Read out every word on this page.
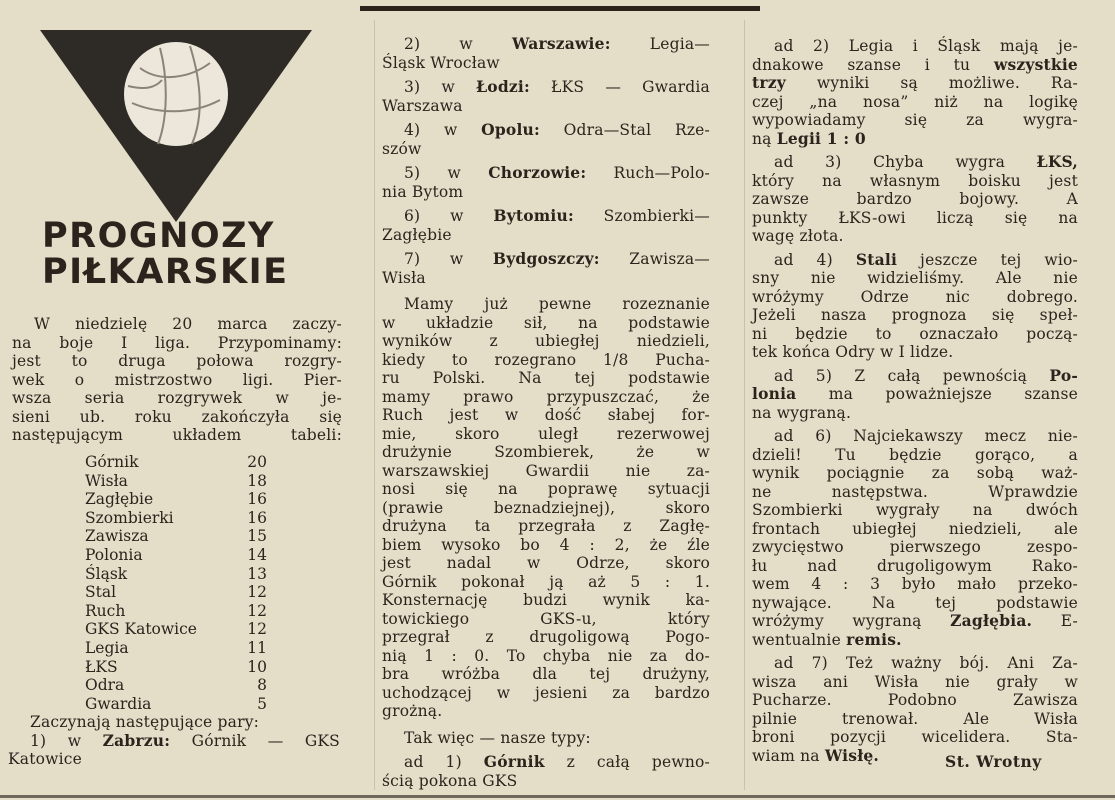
PROGNOZY
PIŁKARSKIE
W niedzielę 20 marca zaczy-
na boje I liga. Przypominamy:
jest to druga połowa rozgry-
wek o mistrzostwo ligi. Pier-
wsza seria rozgrywek w je-
sieni ub. roku zakończyła się
następującym układem tabeli:
Górnik	20
Wisła	18
Zagłębie	16
Szombierki	16
Zawisza	15
Polonia	14
Śląsk	13
Stal	12
Ruch	12
GKS Katowice	12
Legia	11
ŁKS	10
Odra	8
Gwardia	5
Zaczynają następujące pary:
1) w Zabrzu: Górnik — GKS
Katowice
2) w Warszawie: Legia—
Śląsk Wrocław
3) w Łodzi: ŁKS — Gwardia
Warszawa
4) w Opolu: Odra—Stal Rze-
szów
5) w Chorzowie: Ruch—Polo-
nia Bytom
6) w Bytomiu: Szombierki—
Zagłębie
7) w Bydgoszczy: Zawisza—
Wisła
Mamy już pewne rozeznanie
w układzie sił, na podstawie
wyników z ubiegłej niedzieli,
kiedy to rozegrano 1/8 Pucha-
ru Polski. Na tej podstawie
mamy prawo przypuszczać, że
Ruch jest w dość słabej for-
mie, skoro uległ rezerwowej
drużynie Szombierek, że w
warszawskiej Gwardii nie za-
nosi się na poprawę sytuacji
(prawie beznadziejnej), skoro
drużyna ta przegrała z Zagłę-
biem wysoko bo 4 : 2, że źle
jest nadal w Odrze, skoro
Górnik pokonał ją aż 5 : 1.
Konsternację budzi wynik ka-
towickiego GKS-u, który
przegrał z drugoligową Pogo-
nią 1 : 0. To chyba nie za do-
bra wróżba dla tej drużyny,
uchodzącej w jesieni za bardzo
grożną.
Tak więc — nasze typy:
ad 1) Górnik z całą pewno-
ścią pokona GKS
ad 2) Legia i Śląsk mają je-
dnakowe szanse i tu wszystkie
trzy wyniki są możliwe. Ra-
czej „na nosa” niż na logikę
wypowiadamy się za wygra-
ną Legii 1 : 0
ad 3) Chyba wygra ŁKS,
który na własnym boisku jest
zawsze bardzo bojowy. A
punkty ŁKS-owi liczą się na
wagę złota.
ad 4) Stali jeszcze tej wio-
sny nie widzieliśmy. Ale nie
wróżymy Odrze nic dobrego.
Jeżeli nasza prognoza się speł-
ni będzie to oznaczało począ-
tek końca Odry w I lidze.
ad 5) Z całą pewnością Po-
lonia ma poważniejsze szanse
na wygraną.
ad 6) Najciekawszy mecz nie-
dzieli! Tu będzie gorąco, a
wynik pociągnie za sobą waż-
ne następstwa. Wprawdzie
Szombierki wygrały na dwóch
frontach ubiegłej niedzieli, ale
zwycięstwo pierwszego zespo-
łu nad drugoligowym Rako-
wem 4 : 3 było mało przeko-
nywające. Na tej podstawie
wróżymy wygraną Zagłębia. E-
wentualnie remis.
ad 7) Też ważny bój. Ani Za-
wisza ani Wisła nie grały w
Pucharze. Podobno Zawisza
pilnie trenował. Ale Wisła
broni pozycji wicelidera. Sta-
wiam na Wisłę.	St. Wrotny
